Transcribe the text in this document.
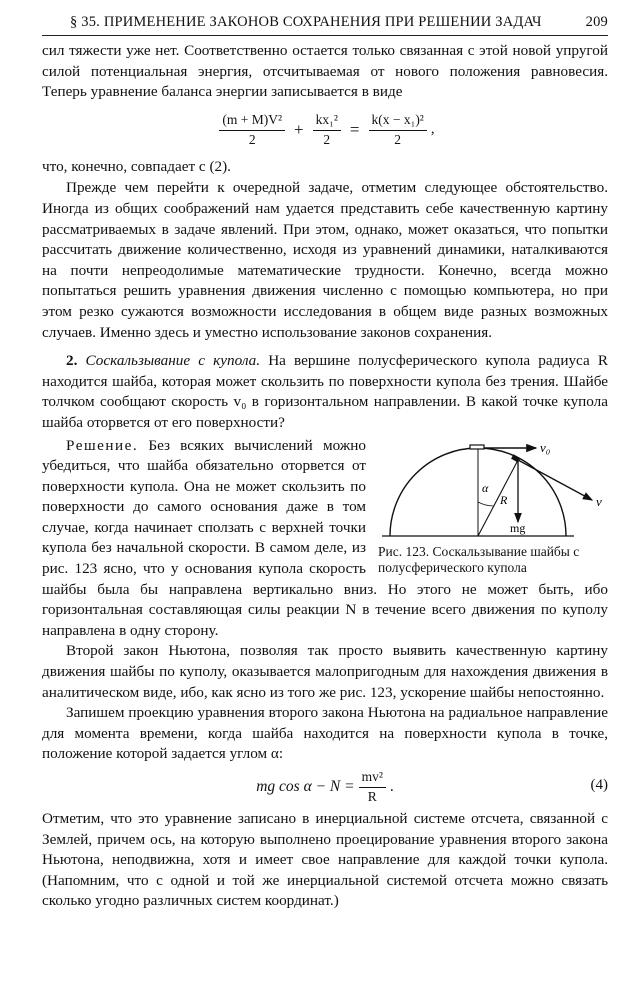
§ 35. ПРИМЕНЕНИЕ ЗАКОНОВ СОХРАНЕНИЯ ПРИ РЕШЕНИИ ЗАДАЧ	209

сил тяжести уже нет. Соответственно остается только связанная с этой новой упругой силой потенциальная энергия, отсчитываемая от нового положения равновесия. Теперь уравнение баланса энергии записывается в виде

$\frac{\text{(m + M)V²}}{2} + \frac{\text{kx₁²}}{2} = \frac{\text{k(x − x₁)²}}{2}$ ,

что, конечно, совпадает с (2).

Прежде чем перейти к очередной задаче, отметим следующее обстоятельство. Иногда из общих соображений нам удается представить себе качественную картину рассматриваемых в задаче явлений. При этом, однако, может оказаться, что попытки рассчитать движение количественно, исходя из уравнений динамики, наталкиваются на почти непреодолимые математические трудности. Конечно, всегда можно попытаться решить уравнения движения численно с помощью компьютера, но при этом резко сужаются возможности исследования в общем виде разных возможных случаев. Именно здесь и уместно использование законов сохранения.

2. Соскальзывание с купола. На вершине полусферического купола радиуса R находится шайба, которая может скользить по поверхности купола без трения. Шайбе толчком сообщают скорость v₀ в горизонтальном направлении. В какой точке купола шайба оторвется от его поверхности?

v₀
v
mg
α
R
Рис. 123. Соскальзывание шайбы с полусферического купола

Решение. Без всяких вычислений можно убедиться, что шайба обязательно оторвется от поверхности купола. Она не может скользить по поверхности до самого основания даже в том случае, когда начинает сползать с верхней точки купола без начальной скорости. В самом деле, из рис. 123 ясно, что у основания купола скорость шайбы была бы направлена вертикально вниз. Но этого не может быть, ибо горизонтальная составляющая силы реакции N в течение всего движения по куполу направлена в одну сторону.

Второй закон Ньютона, позволяя так просто выявить качественную картину движения шайбы по куполу, оказывается малопригодным для нахождения движения в аналитическом виде, ибо, как ясно из того же рис. 123, ускорение шайбы непостоянно.

Запишем проекцию уравнения второго закона Ньютона на радиальное направление для момента времени, когда шайба находится на поверхности купола в точке, положение которой задается углом α:

mg $\cos \alpha - N = \frac{\text{mv²}}{R}$ .	(4)

Отметим, что это уравнение записано в инерциальной системе отсчета, связанной с Землей, причем ось, на которую выполнено проецирование уравнения второго закона Ньютона, неподвижна, хотя и имеет свое направление для каждой точки купола. (Напомним, что с одной и той же инерциальной системой отсчета можно связать сколько угодно различных систем координат.)
